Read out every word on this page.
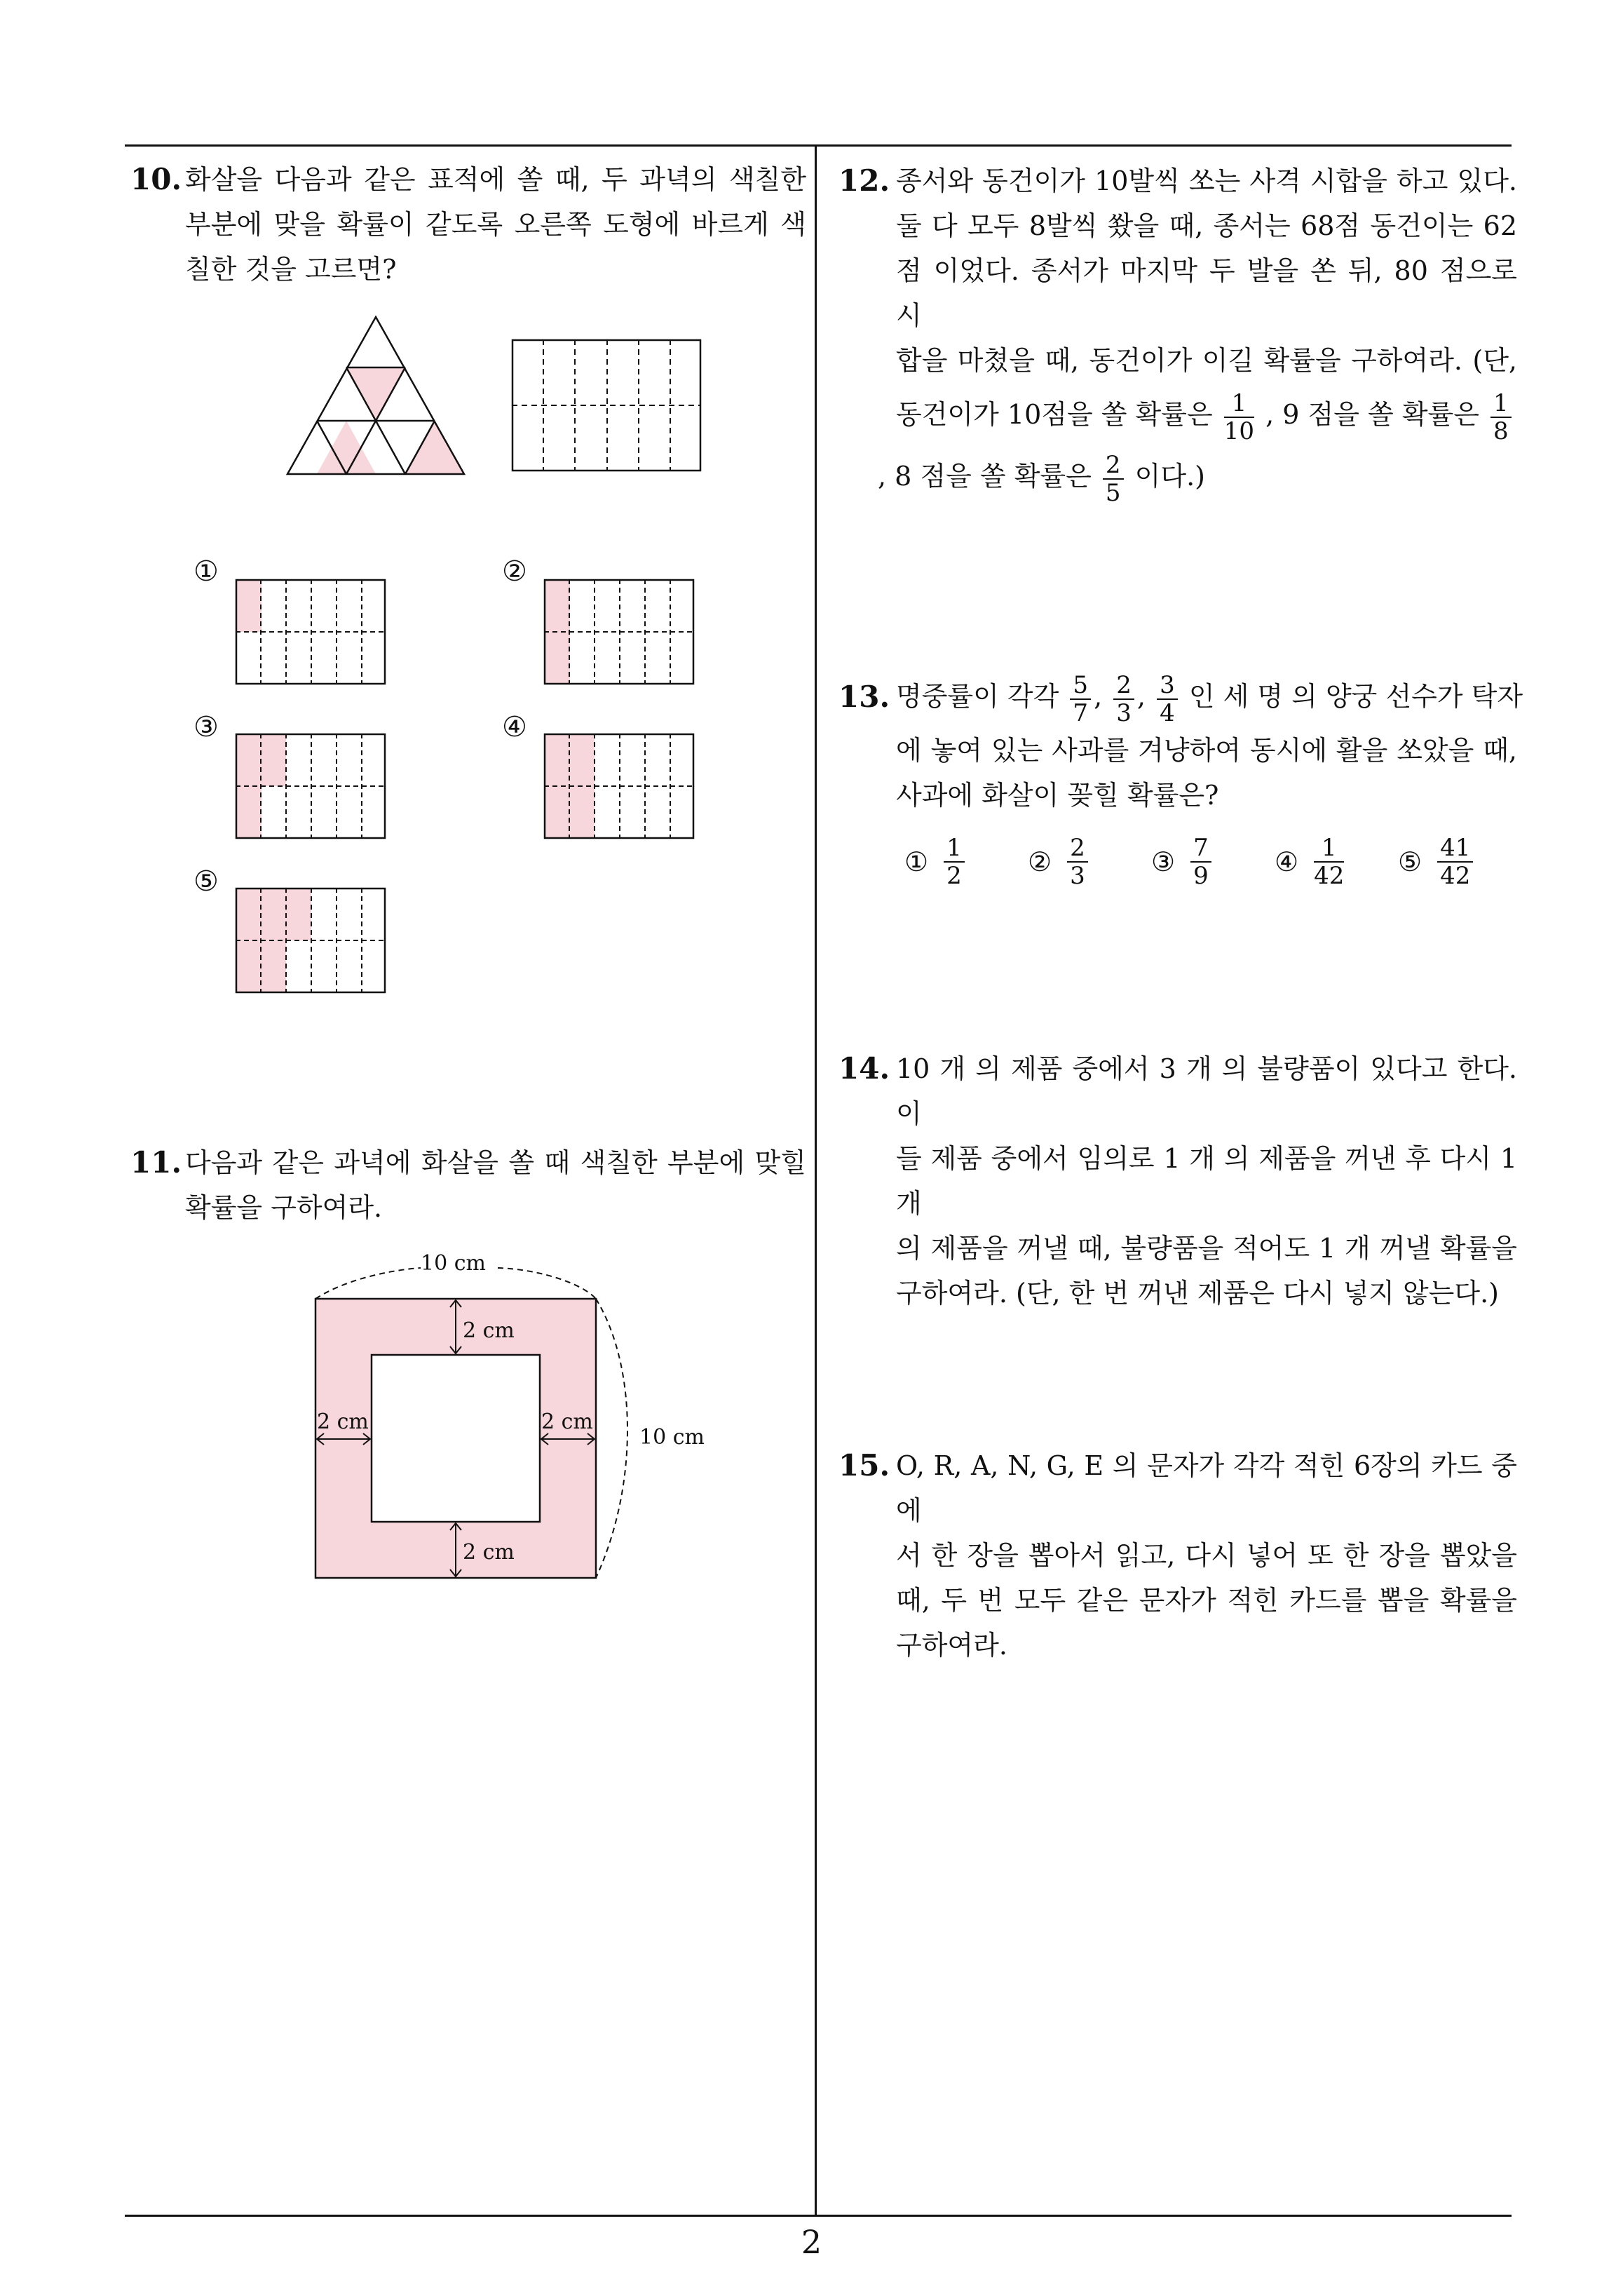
10. 화살을 다음과 같은 표적에 쏠 때, 두 과녁의 색칠한
부분에 맞을 확률이 같도록 오른쪽 도형에 바르게 색
칠한 것을 고르면?
①	②
③	④
⑤
11. 다음과 같은 과녁에 화살을 쏠 때 색칠한 부분에 맞힐
확률을 구하여라.
10 cm
10 cm
2 cm
2 cm
2 cm	2 cm
12. 종서와 동건이가 10발씩 쏘는 사격 시합을 하고 있다.
둘 다 모두 8발씩 쐈을 때, 종서는 68점 동건이는 62
점 이었다. 종서가 마지막 두 발을 쏜 뒤, 80 점으로 시
합을 마쳤을 때, 동건이가 이길 확률을 구하여라. (단,
동건이가 10점을 쏠 확률은 $\frac{1}{10}$ , 9 점을 쏠 확률은 $\frac{1}{8}$
, 8 점을 쏠 확률은 $\frac{2}{5}$ 이다.)
13. 명중률이 각각 $\frac{5}{7}$ , $\frac{2}{3}$ , $\frac{3}{4}$ 인 세 명 의 양궁 선수가 탁자
에 놓여 있는 사과를 겨냥하여 동시에 활을 쏘았을 때,
사과에 화살이 꽂힐 확률은?
① $\frac{1}{2}$ ② $\frac{2}{3}$ ③ $\frac{7}{9}$ ④ $\frac{1}{42}$ ⑤ $\frac{41}{42}$
14. 10 개 의 제품 중에서 3 개 의 불량품이 있다고 한다. 이
들 제품 중에서 임의로 1 개 의 제품을 꺼낸 후 다시 1 개
의 제품을 꺼낼 때, 불량품을 적어도 1 개 꺼낼 확률을
구하여라. (단, 한 번 꺼낸 제품은 다시 넣지 않는다.)
15. O, R, A, N, G, E 의 문자가 각각 적힌 6장의 카드 중에
서 한 장을 뽑아서 읽고, 다시 넣어 또 한 장을 뽑았을
때, 두 번 모두 같은 문자가 적힌 카드를 뽑을 확률을
구하여라.
2
